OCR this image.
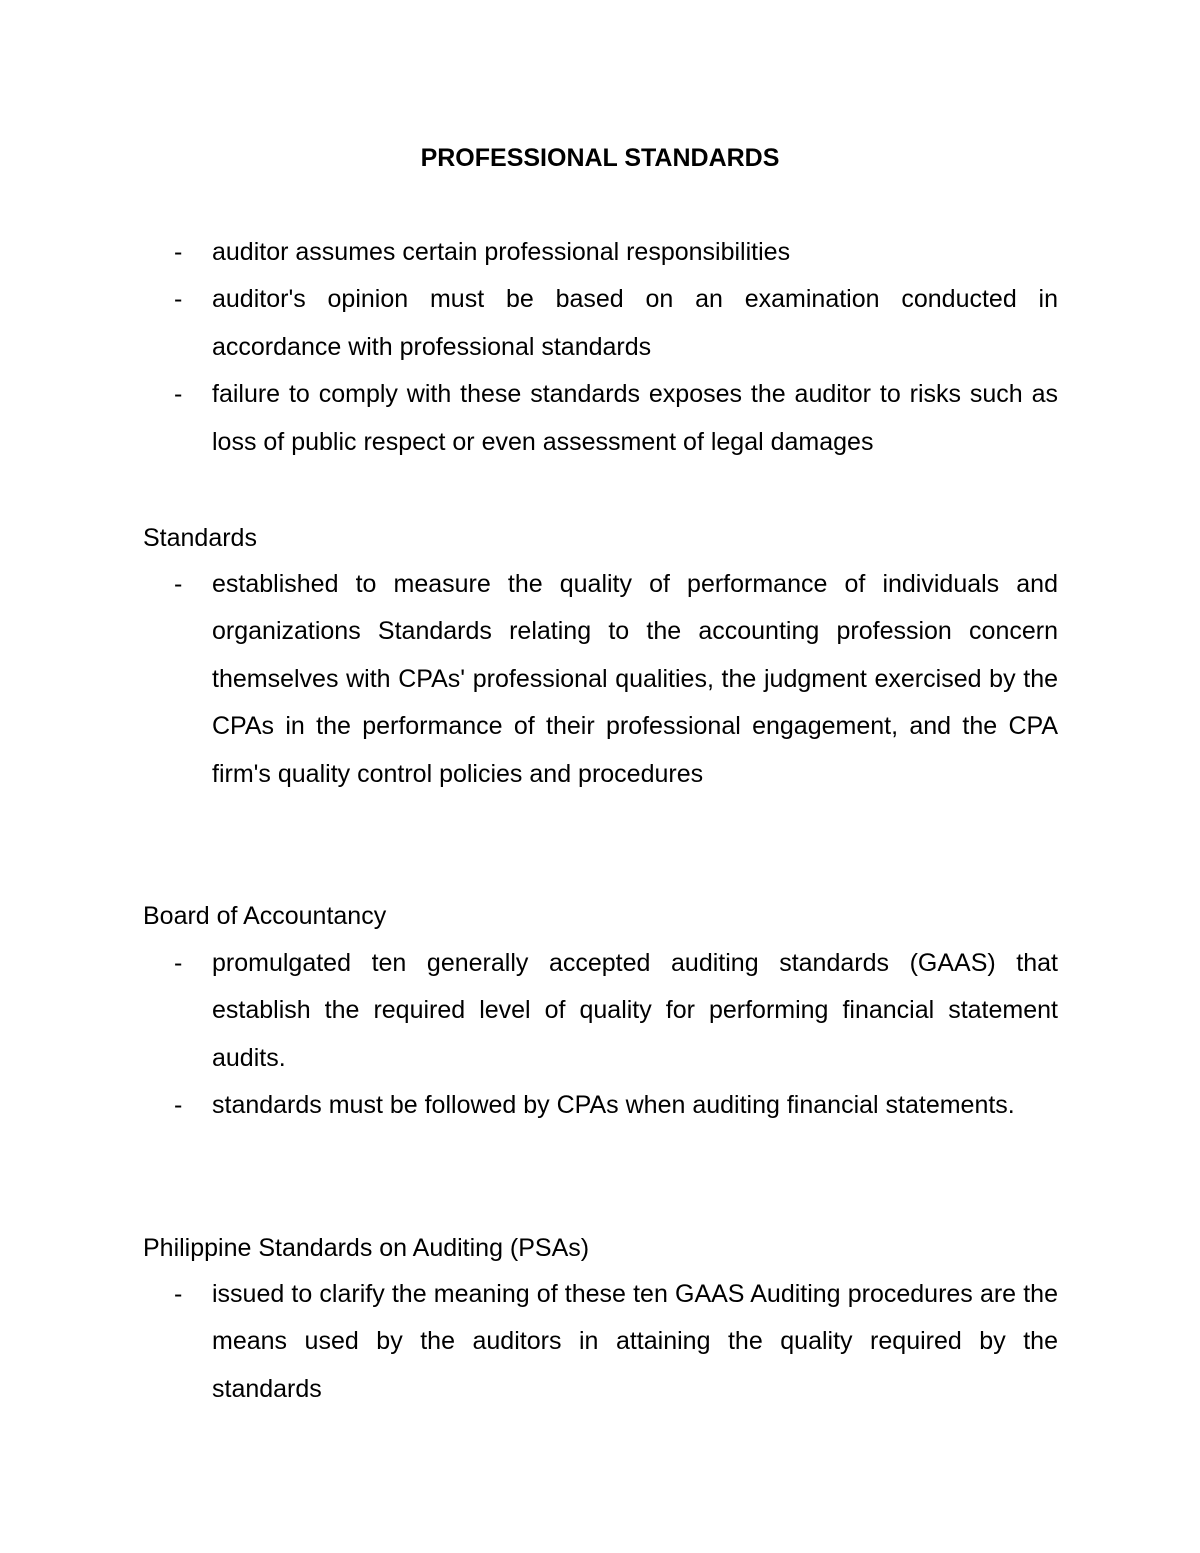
PROFESSIONAL STANDARDS
- auditor assumes certain professional responsibilities
- auditor's opinion must be based on an examination conducted in accordance with professional standards
- failure to comply with these standards exposes the auditor to risks such as loss of public respect or even assessment of legal damages
Standards
- established to measure the quality of performance of individuals and organizations Standards relating to the accounting profession concern themselves with CPAs' professional qualities, the judgment exercised by the CPAs in the performance of their professional engagement, and the CPA firm's quality control policies and procedures
Board of Accountancy
- promulgated ten generally accepted auditing standards (GAAS) that establish the required level of quality for performing financial statement audits.
- standards must be followed by CPAs when auditing financial statements.
Philippine Standards on Auditing (PSAs)
- issued to clarify the meaning of these ten GAAS Auditing procedures are the means used by the auditors in attaining the quality required by the standards
